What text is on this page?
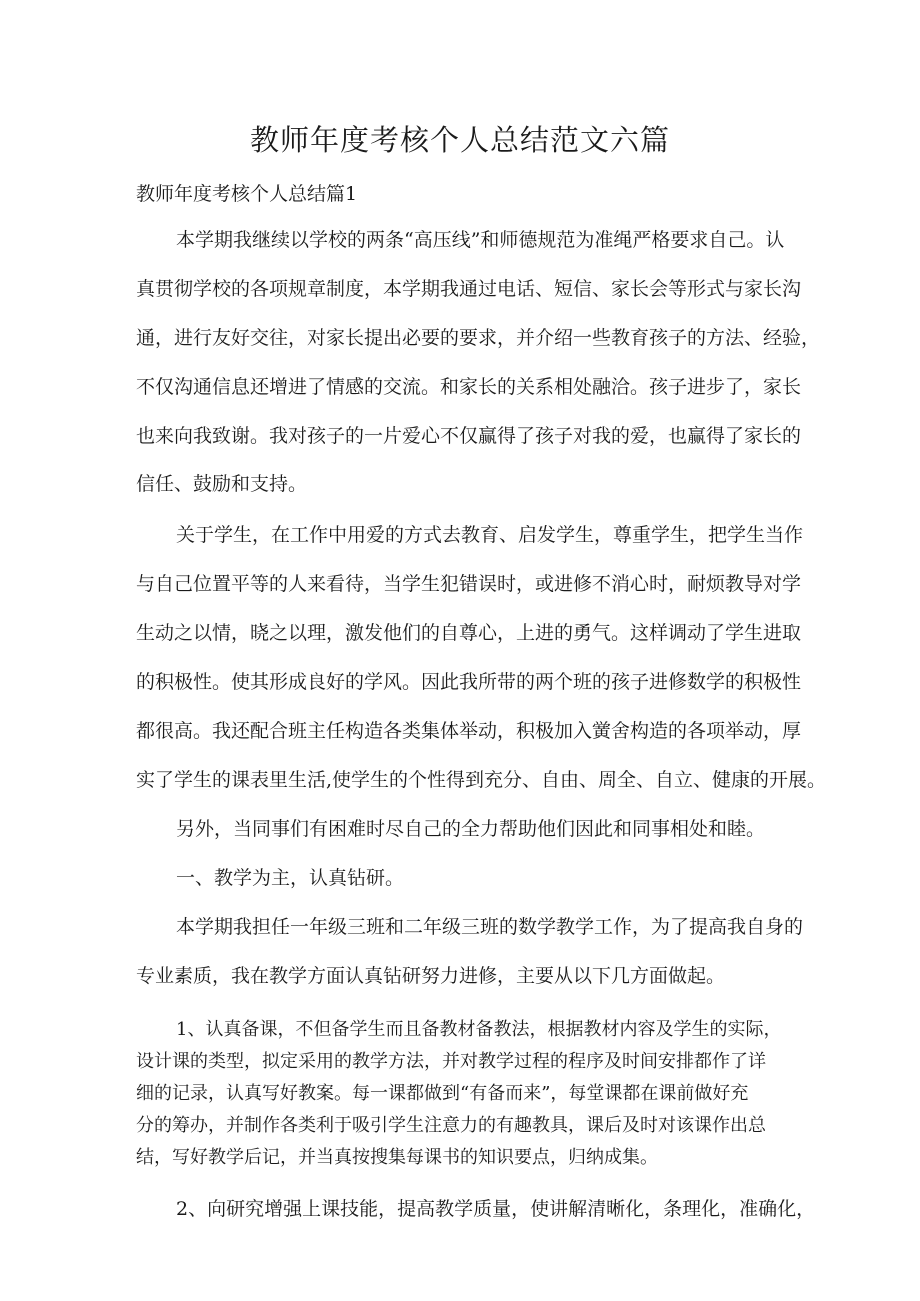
教师年度考核个人总结范文六篇
教师年度考核个人总结篇1
本学期我继续以学校的两条“高压线”和师德规范为准绳严格要求自己。认
真贯彻学校的各项规章制度，本学期我通过电话、短信、家长会等形式与家长沟
通，进行友好交往，对家长提出必要的要求，并介绍一些教育孩子的方法、经验，
不仅沟通信息还增进了情感的交流。和家长的关系相处融洽。孩子进步了，家长
也来向我致谢。我对孩子的一片爱心不仅赢得了孩子对我的爱，也赢得了家长的
信任、鼓励和支持。
关于学生，在工作中用爱的方式去教育、启发学生，尊重学生，把学生当作
与自己位置平等的人来看待，当学生犯错误时，或进修不消心时，耐烦教导对学
生动之以情，晓之以理，激发他们的自尊心，上进的勇气。这样调动了学生进取
的积极性。使其形成良好的学风。因此我所带的两个班的孩子进修数学的积极性
都很高。我还配合班主任构造各类集体举动，积极加入黉舍构造的各项举动，厚
实了学生的课表里生活,使学生的个性得到充分、自由、周全、自立、健康的开展。
另外，当同事们有困难时尽自己的全力帮助他们因此和同事相处和睦。
一、教学为主，认真钻研。
本学期我担任一年级三班和二年级三班的数学教学工作，为了提高我自身的
专业素质，我在教学方面认真钻研努力进修，主要从以下几方面做起。
1、认真备课，不但备学生而且备教材备教法，根据教材内容及学生的实际，
设计课的类型，拟定采用的教学方法，并对教学过程的程序及时间安排都作了详
细的记录，认真写好教案。每一课都做到“有备而来”，每堂课都在课前做好充
分的筹办，并制作各类利于吸引学生注意力的有趣教具，课后及时对该课作出总
结，写好教学后记，并当真按搜集每课书的知识要点，归纳成集。
2、向研究增强上课技能，提高教学质量，使讲解清晰化，条理化，准确化，
